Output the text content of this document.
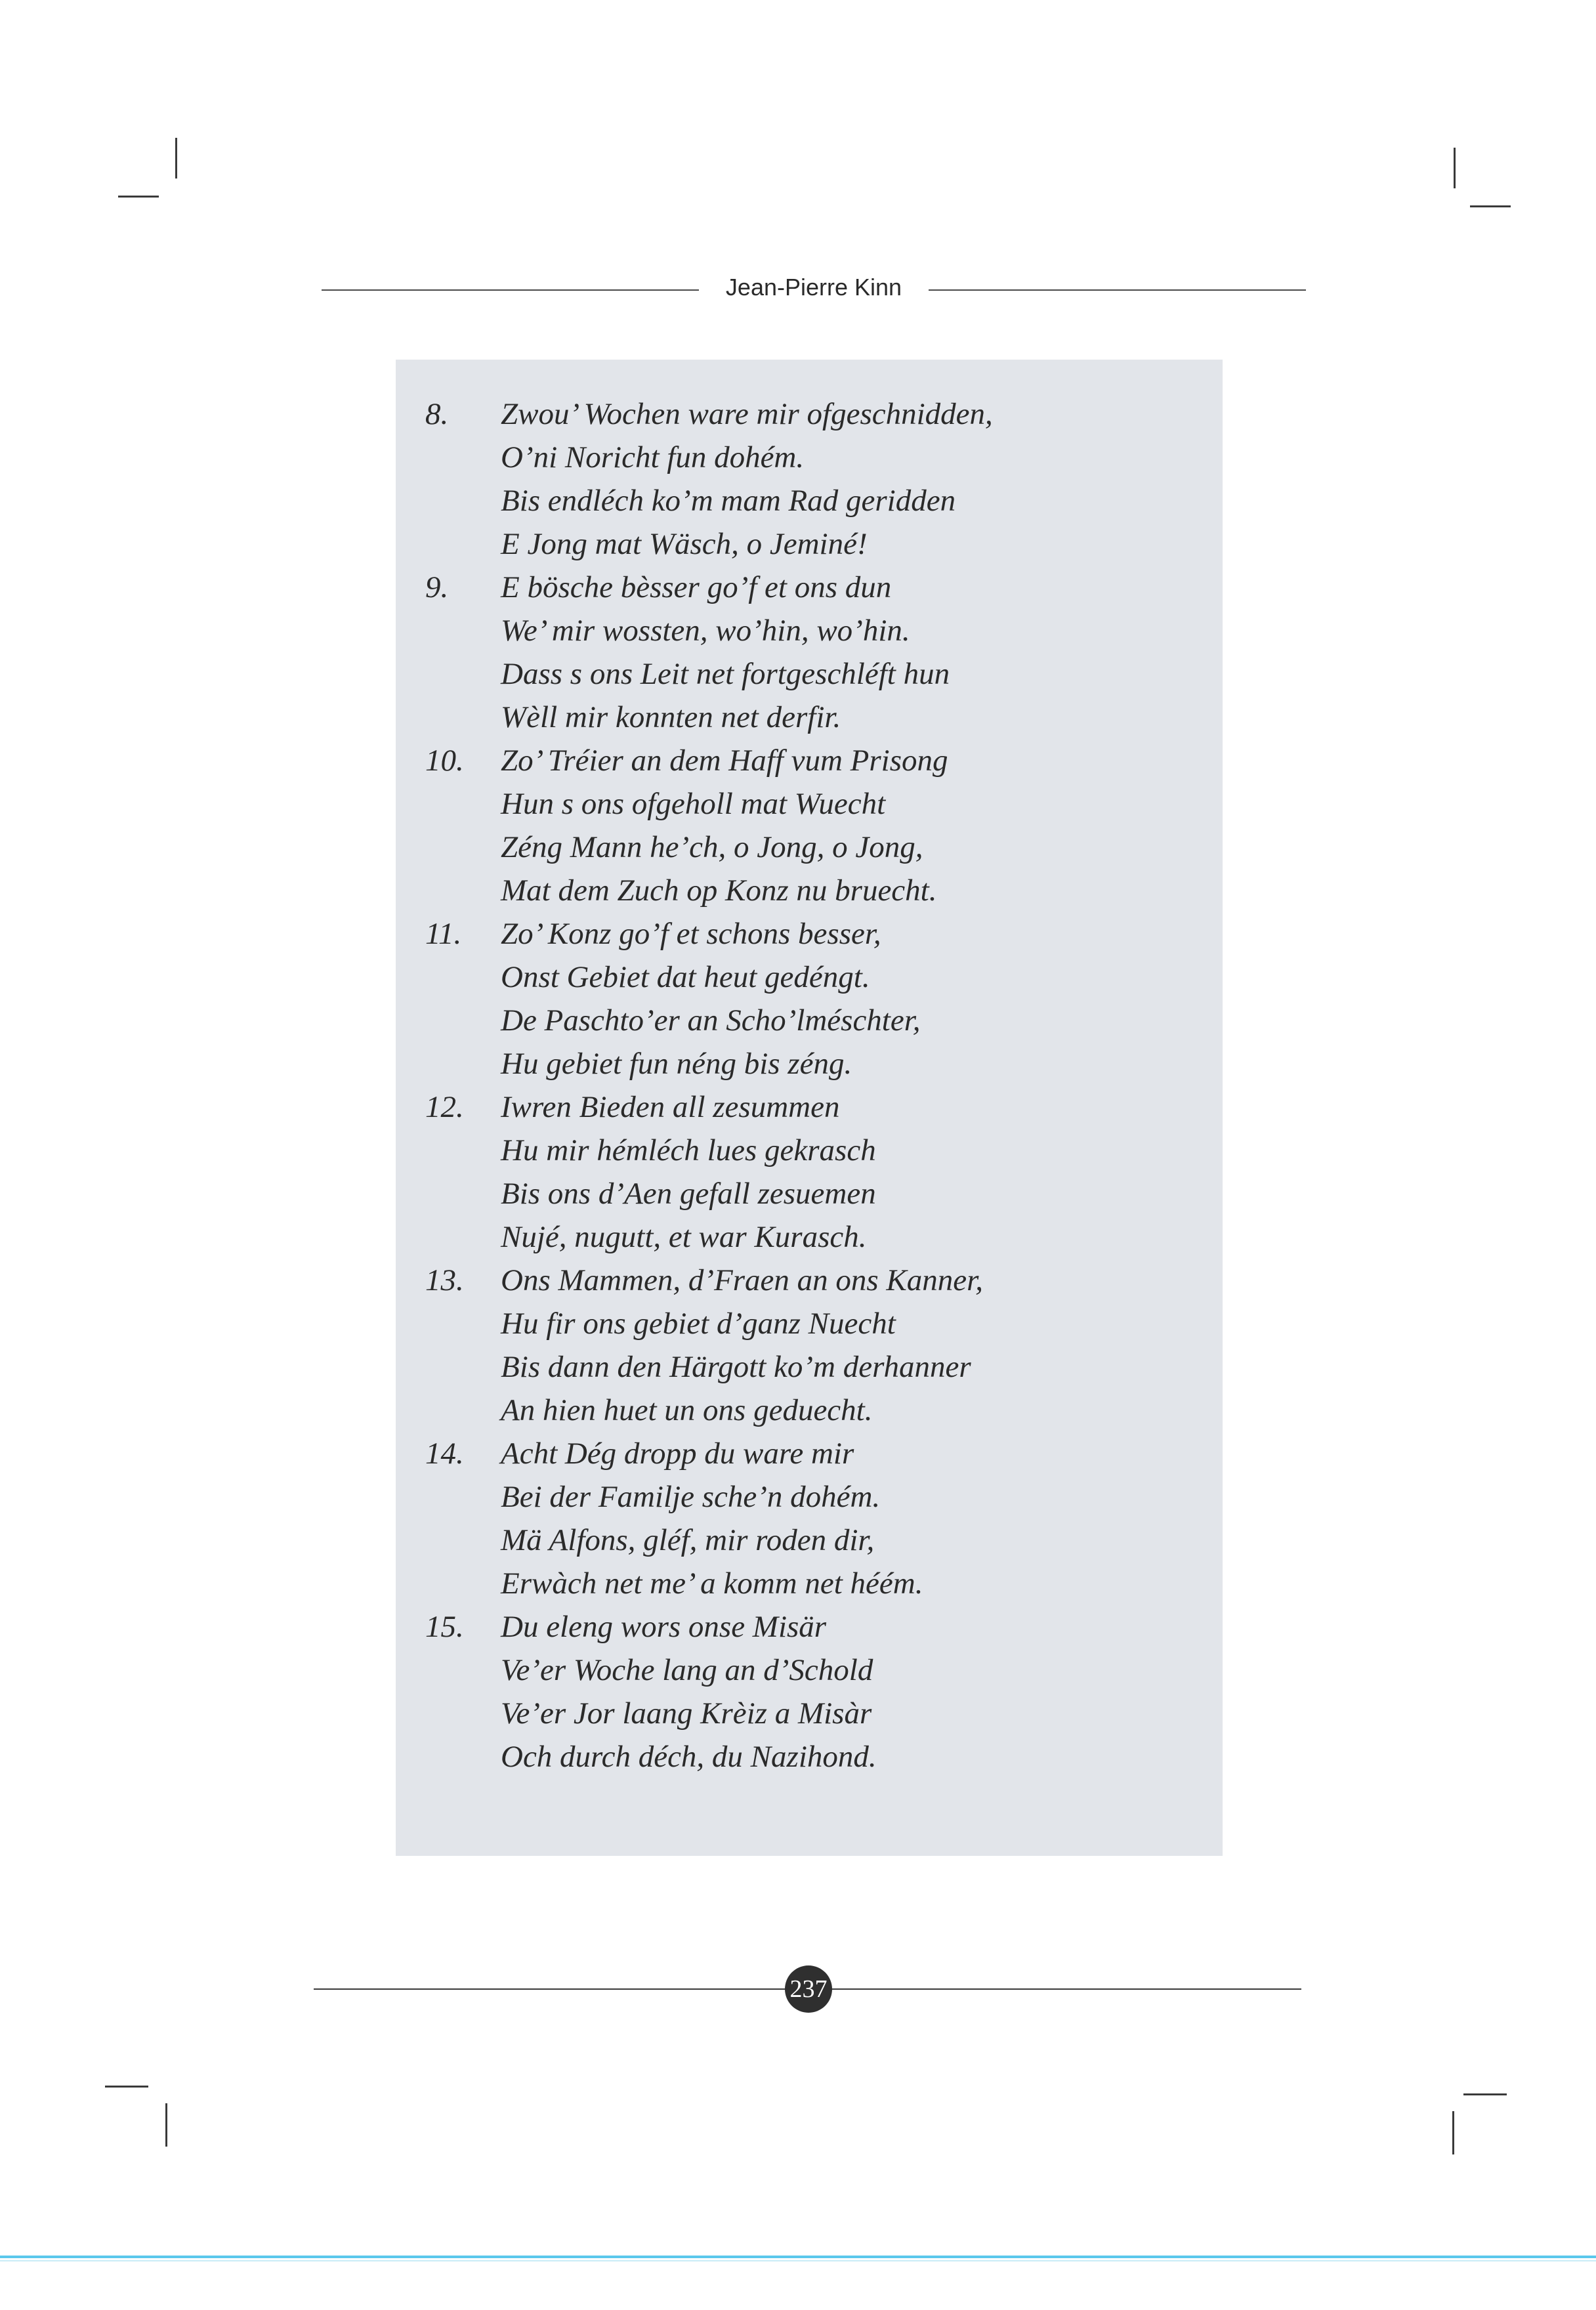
Jean-Pierre Kinn
8.	Zwou’ Wochen ware mir ofgeschnidden,
O’ni Noricht fun dohém.
Bis endléch ko’m mam Rad geridden
E Jong mat Wäsch, o Jeminé!
9.	E bösche bèsser go’f et ons dun
We’ mir wossten, wo’hin, wo’hin.
Dass s ons Leit net fortgeschléft hun
Wèll mir konnten net derfir.
10.	Zo’ Tréier an dem Haff vum Prisong
Hun s ons ofgeholl mat Wuecht
Zéng Mann he’ch, o Jong, o Jong,
Mat dem Zuch op Konz nu bruecht.
11.	Zo’ Konz go’f et schons besser,
Onst Gebiet dat heut gedéngt.
De Paschto’er an Scho’lméschter,
Hu gebiet fun néng bis zéng.
12.	Iwren Bieden all zesummen
Hu mir hémléch lues gekrasch
Bis ons d’Aen gefall zesuemen
Nujé, nugutt, et war Kurasch.
13.	Ons Mammen, d’Fraen an ons Kanner,
Hu fir ons gebiet d’ganz Nuecht
Bis dann den Härgott ko’m derhanner
An hien huet un ons geduecht.
14.	Acht Dég dropp du ware mir
Bei der Familje sche’n dohém.
Mä Alfons, gléf, mir roden dir,
Erwàch net me’ a komm net héém.
15.	Du eleng wors onse Misär
Ve’er Woche lang an d’Schold
Ve’er Jor laang Krèiz a Misàr
Och durch déch, du Nazihond.
237
